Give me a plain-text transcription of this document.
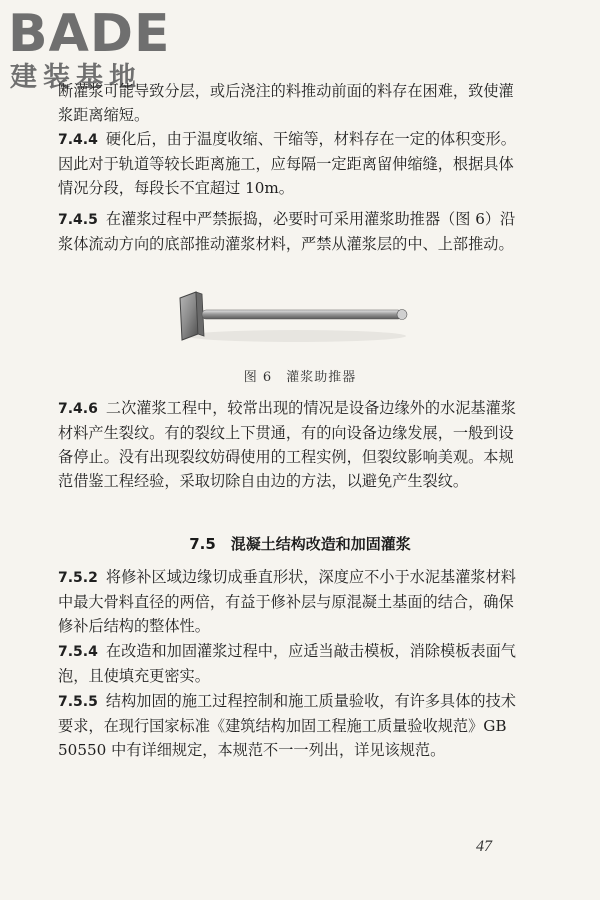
BADE
建装基地
断灌浆可能导致分层，或后浇注的料推动前面的料存在困难，致使灌浆距离缩短。
7.4.4 硬化后，由于温度收缩、干缩等，材料存在一定的体积变形。因此对于轨道等较长距离施工，应每隔一定距离留伸缩缝，根据具体情况分段，每段长不宜超过 10m。
7.4.5 在灌浆过程中严禁振捣，必要时可采用灌浆助推器（图 6）沿浆体流动方向的底部推动灌浆材料，严禁从灌浆层的中、上部推动。
图 6　灌浆助推器
7.4.6 二次灌浆工程中，较常出现的情况是设备边缘外的水泥基灌浆材料产生裂纹。有的裂纹上下贯通，有的向设备边缘发展，一般到设备停止。没有出现裂纹妨碍使用的工程实例，但裂纹影响美观。本规范借鉴工程经验，采取切除自由边的方法，以避免产生裂纹。
7.5　混凝土结构改造和加固灌浆
7.5.2 将修补区域边缘切成垂直形状，深度应不小于水泥基灌浆材料中最大骨料直径的两倍，有益于修补层与原混凝土基面的结合，确保修补后结构的整体性。
7.5.4 在改造和加固灌浆过程中，应适当敲击模板，消除模板表面气泡，且使填充更密实。
7.5.5 结构加固的施工过程控制和施工质量验收，有许多具体的技术要求，在现行国家标准《建筑结构加固工程施工质量验收规范》GB 50550 中有详细规定，本规范不一一列出，详见该规范。
47
